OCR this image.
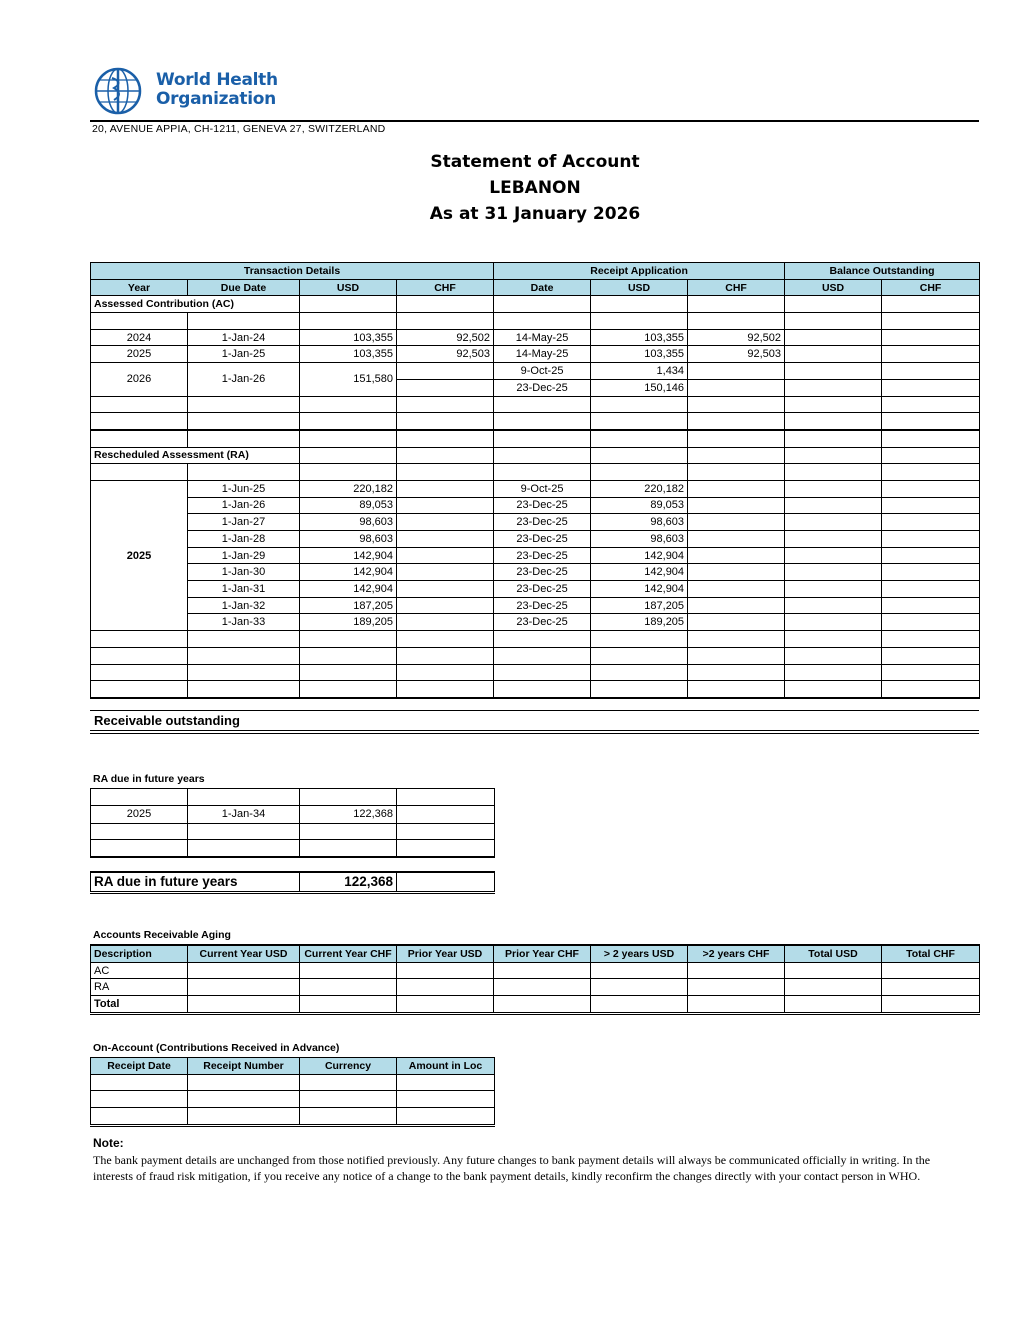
World Health
Organization
20, AVENUE APPIA, CH-1211, GENEVA 27, SWITZERLAND
Statement of Account
LEBANON
As at 31 January 2026
Transaction Details				Receipt Application			Balance Outstanding	
Year	Due Date	USD	CHF	Date	USD	CHF	USD	CHF
Assessed Contribution (AC)								

2024	1-Jan-24	103,355	92,502	14-May-25	103,355	92,502		
2025	1-Jan-25	103,355	92,503	14-May-25	103,355	92,503		
2026	1-Jan-26	151,580		9-Oct-25	1,434			
				23-Dec-25	150,146			

Rescheduled Assessment (RA)								

2025	1-Jun-25	220,182		9-Oct-25	220,182			
	1-Jan-26	89,053		23-Dec-25	89,053			
	1-Jan-27	98,603		23-Dec-25	98,603			
	1-Jan-28	98,603		23-Dec-25	98,603			
	1-Jan-29	142,904		23-Dec-25	142,904			
	1-Jan-30	142,904		23-Dec-25	142,904			
	1-Jan-31	142,904		23-Dec-25	142,904			
	1-Jan-32	187,205		23-Dec-25	187,205			
	1-Jan-33	189,205		23-Dec-25	189,205			

Receivable outstanding
RA due in future years

2025	1-Jan-34	122,368	

RA due in future years	122,368	
Accounts Receivable Aging
Description	Current Year USD	Current Year CHF	Prior Year USD	Prior Year CHF	> 2 years USD	>2 years CHF	Total USD	Total CHF
AC								
RA								
Total								
On-Account (Contributions Received in Advance)
Receipt Date	Receipt Number	Currency	Amount in Loc

Note:
The bank payment details are unchanged from those notified previously. Any future changes to bank payment details will always be communicated officially in writing. In the interests of fraud risk mitigation, if you receive any notice of a change to the bank payment details, kindly reconfirm the changes directly with your contact person in WHO.
